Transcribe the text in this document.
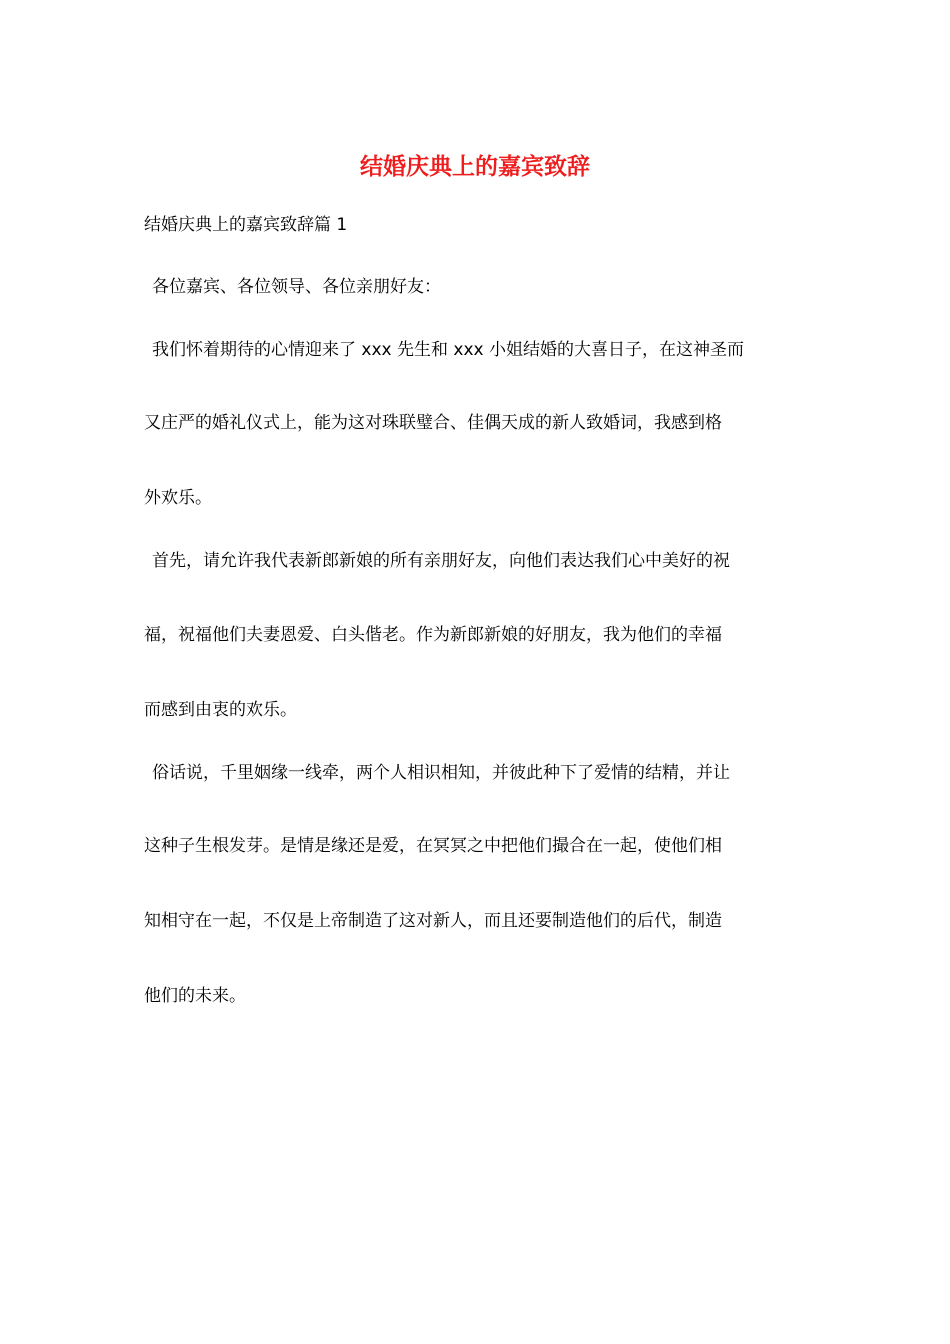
结婚庆典上的嘉宾致辞
结婚庆典上的嘉宾致辞篇 1
各位嘉宾、各位领导、各位亲朋好友：
我们怀着期待的心情迎来了 xxx 先生和 xxx 小姐结婚的大喜日子，在这神圣而
又庄严的婚礼仪式上，能为这对珠联璧合、佳偶天成的新人致婚词，我感到格
外欢乐。
首先，请允许我代表新郎新娘的所有亲朋好友，向他们表达我们心中美好的祝
福，祝福他们夫妻恩爱、白头偕老。作为新郎新娘的好朋友，我为他们的幸福
而感到由衷的欢乐。
俗话说，千里姻缘一线牵，两个人相识相知，并彼此种下了爱情的结精，并让
这种子生根发芽。是情是缘还是爱，在冥冥之中把他们撮合在一起，使他们相
知相守在一起，不仅是上帝制造了这对新人，而且还要制造他们的后代，制造
他们的未来。
